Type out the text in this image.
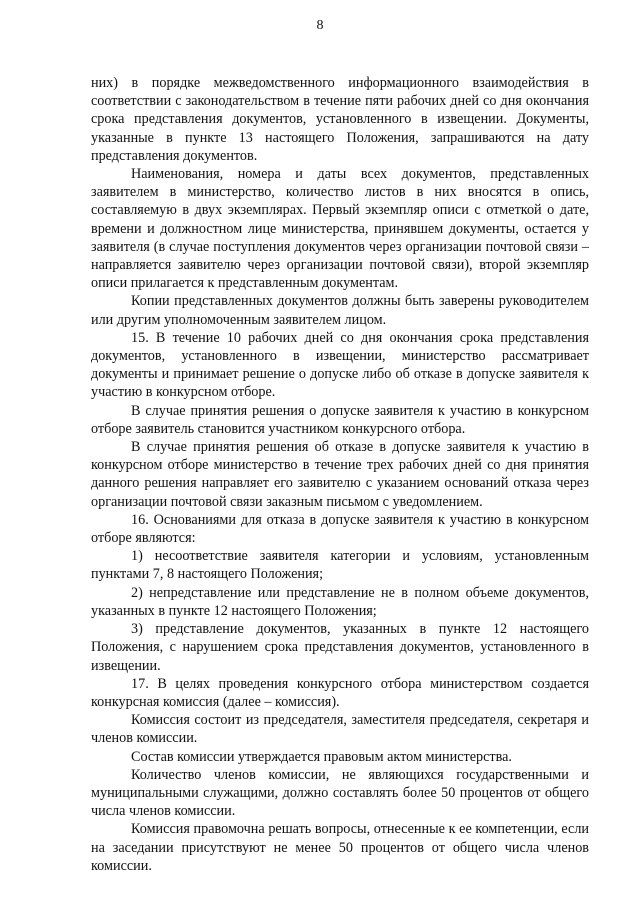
8

них) в порядке межведомственного информационного взаимодействия в соответствии с законодательством в течение пяти рабочих дней со дня окончания срока представления документов, установленного в извещении. Документы, указанные в пункте 13 настоящего Положения, запрашиваются на дату представления документов.

Наименования, номера и даты всех документов, представленных заявителем в министерство, количество листов в них вносятся в опись, составляемую в двух экземплярах. Первый экземпляр описи с отметкой о дате, времени и должностном лице министерства, принявшем документы, остается у заявителя (в случае поступления документов через организации почтовой связи – направляется заявителю через организации почтовой связи), второй экземпляр описи прилагается к представленным документам.

Копии представленных документов должны быть заверены руководителем или другим уполномоченным заявителем лицом.

15. В течение 10 рабочих дней со дня окончания срока представления документов, установленного в извещении, министерство рассматривает документы и принимает решение о допуске либо об отказе в допуске заявителя к участию в конкурсном отборе.

В случае принятия решения о допуске заявителя к участию в конкурсном отборе заявитель становится участником конкурсного отбора.

В случае принятия решения об отказе в допуске заявителя к участию в конкурсном отборе министерство в течение трех рабочих дней со дня принятия данного решения направляет его заявителю с указанием оснований отказа через организации почтовой связи заказным письмом с уведомлением.

16. Основаниями для отказа в допуске заявителя к участию в конкурсном отборе являются:

1) несоответствие заявителя категории и условиям, установленным пунктами 7, 8 настоящего Положения;

2) непредставление или представление не в полном объеме документов, указанных в пункте 12 настоящего Положения;

3) представление документов, указанных в пункте 12 настоящего Положения, с нарушением срока представления документов, установленного в извещении.

17. В целях проведения конкурсного отбора министерством создается конкурсная комиссия (далее – комиссия).

Комиссия состоит из председателя, заместителя председателя, секретаря и членов комиссии.

Состав комиссии утверждается правовым актом министерства.

Количество членов комиссии, не являющихся государственными и муниципальными служащими, должно составлять более 50 процентов от общего числа членов комиссии.

Комиссия правомочна решать вопросы, отнесенные к ее компетенции, если на заседании присутствуют не менее 50 процентов от общего числа членов комиссии.
